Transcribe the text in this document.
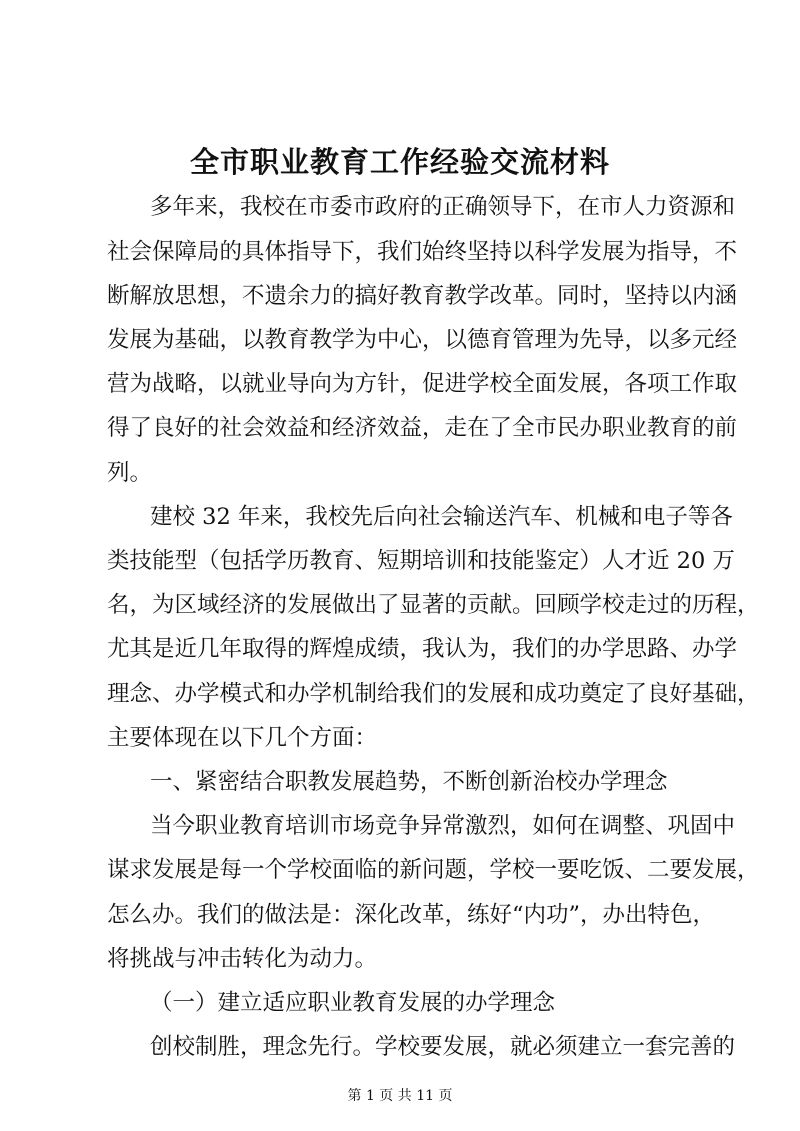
全市职业教育工作经验交流材料

多年来，我校在市委市政府的正确领导下，在市人力资源和

社会保障局的具体指导下，我们始终坚持以科学发展为指导，不

断解放思想，不遗余力的搞好教育教学改革。同时，坚持以内涵

发展为基础，以教育教学为中心，以德育管理为先导，以多元经

营为战略，以就业导向为方针，促进学校全面发展，各项工作取

得了良好的社会效益和经济效益，走在了全市民办职业教育的前

列。

建校 32 年来，我校先后向社会输送汽车、机械和电子等各

类技能型（包括学历教育、短期培训和技能鉴定）人才近 20 万

名，为区域经济的发展做出了显著的贡献。回顾学校走过的历程，

尤其是近几年取得的辉煌成绩，我认为，我们的办学思路、办学

理念、办学模式和办学机制给我们的发展和成功奠定了良好基础，

主要体现在以下几个方面：

一、紧密结合职教发展趋势，不断创新治校办学理念

当今职业教育培训市场竞争异常激烈，如何在调整、巩固中

谋求发展是每一个学校面临的新问题，学校一要吃饭、二要发展，

怎么办。我们的做法是：深化改革，练好“内功”，办出特色，

将挑战与冲击转化为动力。

（一）建立适应职业教育发展的办学理念

创校制胜，理念先行。学校要发展，就必须建立一套完善的

第 1 页 共 11 页
